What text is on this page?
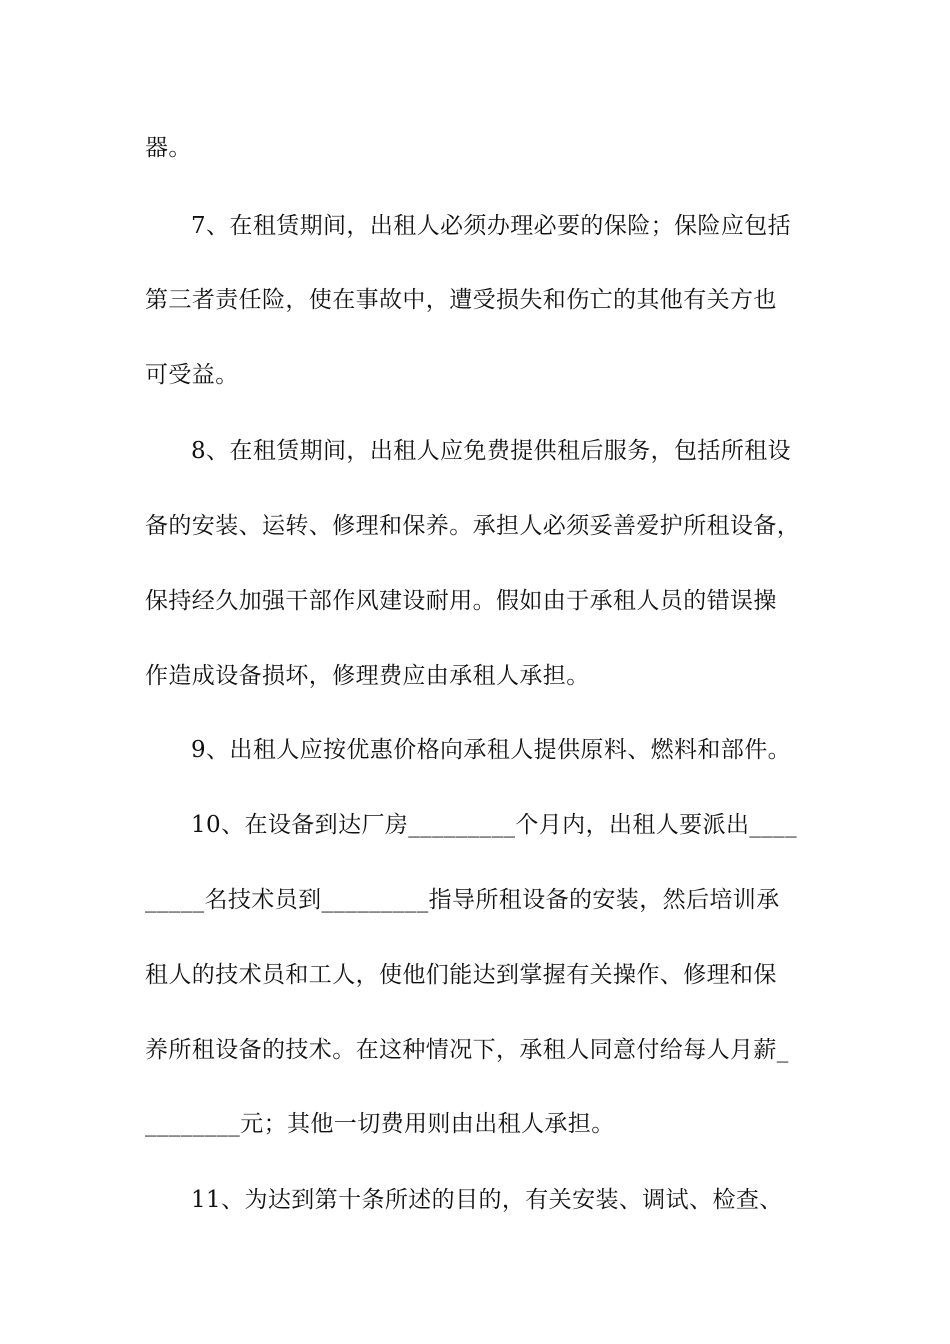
器。
7、在租赁期间，出租人必须办理必要的保险；保险应包括
第三者责任险，使在事故中，遭受损失和伤亡的其他有关方也
可受益。
8、在租赁期间，出租人应免费提供租后服务，包括所租设
备的安装、运转、修理和保养。承担人必须妥善爱护所租设备，
保持经久加强干部作风建设耐用。假如由于承租人员的错误操
作造成设备损坏，修理费应由承租人承担。
9、出租人应按优惠价格向承租人提供原料、燃料和部件。
10、在设备到达厂房_________个月内，出租人要派出____
_____名技术员到_________指导所租设备的安装，然后培训承
租人的技术员和工人，使他们能达到掌握有关操作、修理和保
养所租设备的技术。在这种情况下，承租人同意付给每人月薪_
________元；其他一切费用则由出租人承担。
11、为达到第十条所述的目的，有关安装、调试、检查、
